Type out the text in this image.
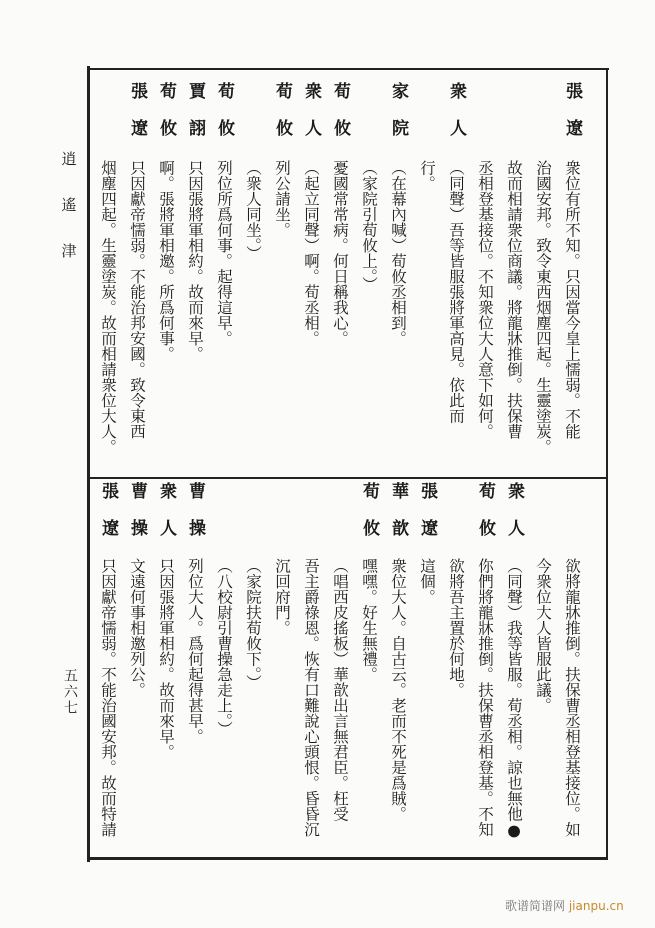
逍
遙
津
五六七
張遼
衆位有所不知。只因當今皇上懦弱。不能
治國安邦。致令東西烟塵四起。生靈塗炭。
故而相請衆位商議。將龍牀推倒。扶保曹
丞相登基接位。不知衆位大人意下如何。
衆人
（同聲）吾等皆服張將軍高見。依此而
行。
家院
（在幕內喊）荀攸丞相到。
（家院引荀攸上。）
荀攸
憂國常常病。何日稱我心。
衆人
（起立同聲）啊。荀丞相。
荀攸
列公請坐。
（衆人同坐。）
荀攸
列位所爲何事。起得這早。
賈詡
只因張將軍相約。故而來早。
荀攸
啊。張將軍相邀。所爲何事。
張遼
只因獻帝懦弱。不能治邦安國。致令東西
烟塵四起。生靈塗炭。故而相請衆位大人。
欲將龍牀推倒。扶保曹丞相登基接位。如
今衆位大人皆服此議。
衆人
（同聲）我等皆服。荀丞相。諒也無他●
荀攸
你們將龍牀推倒。扶保曹丞相登基。不知
欲將吾主置於何地。
張遼
這個。
華歆
衆位大人。自古云。老而不死是爲賊。
荀攸
嘿嘿。好生無禮。
（唱西皮搖板）華歆出言無君臣。枉受
吾主爵祿恩。恢有口難說心頭恨。昏昏沉
沉回府門。
（家院扶荀攸下。）
（八校尉引曹操急走上。）
曹操
列位大人。爲何起得甚早。
衆人
只因張將軍相約。故而來早。
曹操
文遠何事相邀列公。
張遼
只因獻帝懦弱。不能治國安邦。故而特請
歌谱简谱网 jianpu.cn
